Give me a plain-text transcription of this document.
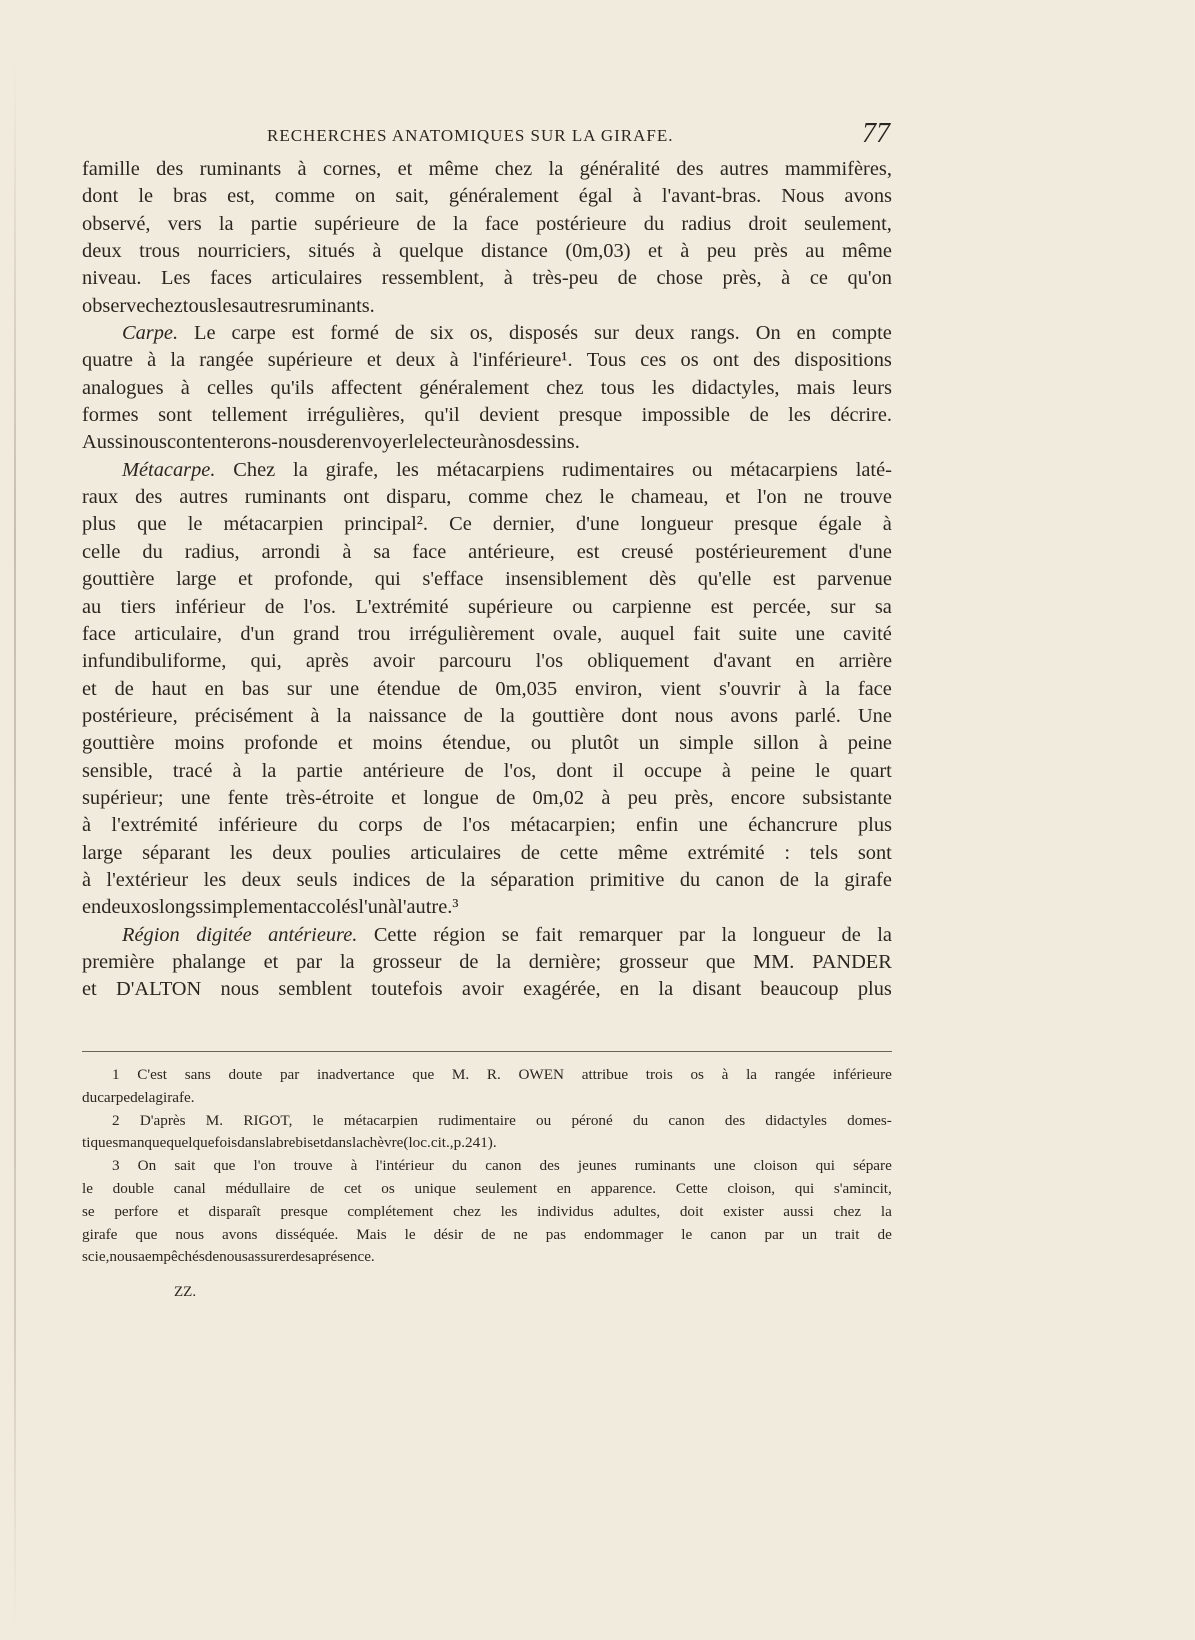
RECHERCHES ANATOMIQUES SUR LA GIRAFE.	77
famille des ruminants à cornes, et même chez la généralité des autres mammifères,
dont le bras est, comme on sait, généralement égal à l'avant-bras. Nous avons
observé, vers la partie supérieure de la face postérieure du radius droit seulement,
deux trous nourriciers, situés à quelque distance (0m,03) et à peu près au même
niveau. Les faces articulaires ressemblent, à très-peu de chose près, à ce qu'on
observe chez tous les autres ruminants.
Carpe. Le carpe est formé de six os, disposés sur deux rangs. On en compte
quatre à la rangée supérieure et deux à l'inférieure¹. Tous ces os ont des dispositions
analogues à celles qu'ils affectent généralement chez tous les didactyles, mais leurs
formes sont tellement irrégulières, qu'il devient presque impossible de les décrire.
Aussi nous contenterons-nous de renvoyer le lecteur à nos dessins.
Métacarpe. Chez la girafe, les métacarpiens rudimentaires ou métacarpiens laté-
raux des autres ruminants ont disparu, comme chez le chameau, et l'on ne trouve
plus que le métacarpien principal². Ce dernier, d'une longueur presque égale à
celle du radius, arrondi à sa face antérieure, est creusé postérieurement d'une
gouttière large et profonde, qui s'efface insensiblement dès qu'elle est parvenue
au tiers inférieur de l'os. L'extrémité supérieure ou carpienne est percée, sur sa
face articulaire, d'un grand trou irrégulièrement ovale, auquel fait suite une cavité
infundibuliforme, qui, après avoir parcouru l'os obliquement d'avant en arrière
et de haut en bas sur une étendue de 0m,035 environ, vient s'ouvrir à la face
postérieure, précisément à la naissance de la gouttière dont nous avons parlé. Une
gouttière moins profonde et moins étendue, ou plutôt un simple sillon à peine
sensible, tracé à la partie antérieure de l'os, dont il occupe à peine le quart
supérieur; une fente très-étroite et longue de 0m,02 à peu près, encore subsistante
à l'extrémité inférieure du corps de l'os métacarpien; enfin une échancrure plus
large séparant les deux poulies articulaires de cette même extrémité : tels sont
à l'extérieur les deux seuls indices de la séparation primitive du canon de la girafe
en deux os longs simplement accolés l'un à l'autre.³
Région digitée antérieure. Cette région se fait remarquer par la longueur de la
première phalange et par la grosseur de la dernière; grosseur que MM. PANDER
et D'ALTON nous semblent toutefois avoir exagérée, en la disant beaucoup plus
1 C'est sans doute par inadvertance que M. R. OWEN attribue trois os à la rangée inférieure
du carpe de la girafe.
2 D'après M. RIGOT, le métacarpien rudimentaire ou péroné du canon des didactyles domes-
tiques manque quelquefois dans la brebis et dans la chèvre (loc. cit., p. 241).
3 On sait que l'on trouve à l'intérieur du canon des jeunes ruminants une cloison qui sépare
le double canal médullaire de cet os unique seulement en apparence. Cette cloison, qui s'amincit,
se perfore et disparaît presque complétement chez les individus adultes, doit exister aussi chez la
girafe que nous avons disséquée. Mais le désir de ne pas endommager le canon par un trait de
scie, nous a empêchés de nous assurer de sa présence.
ZZ.
